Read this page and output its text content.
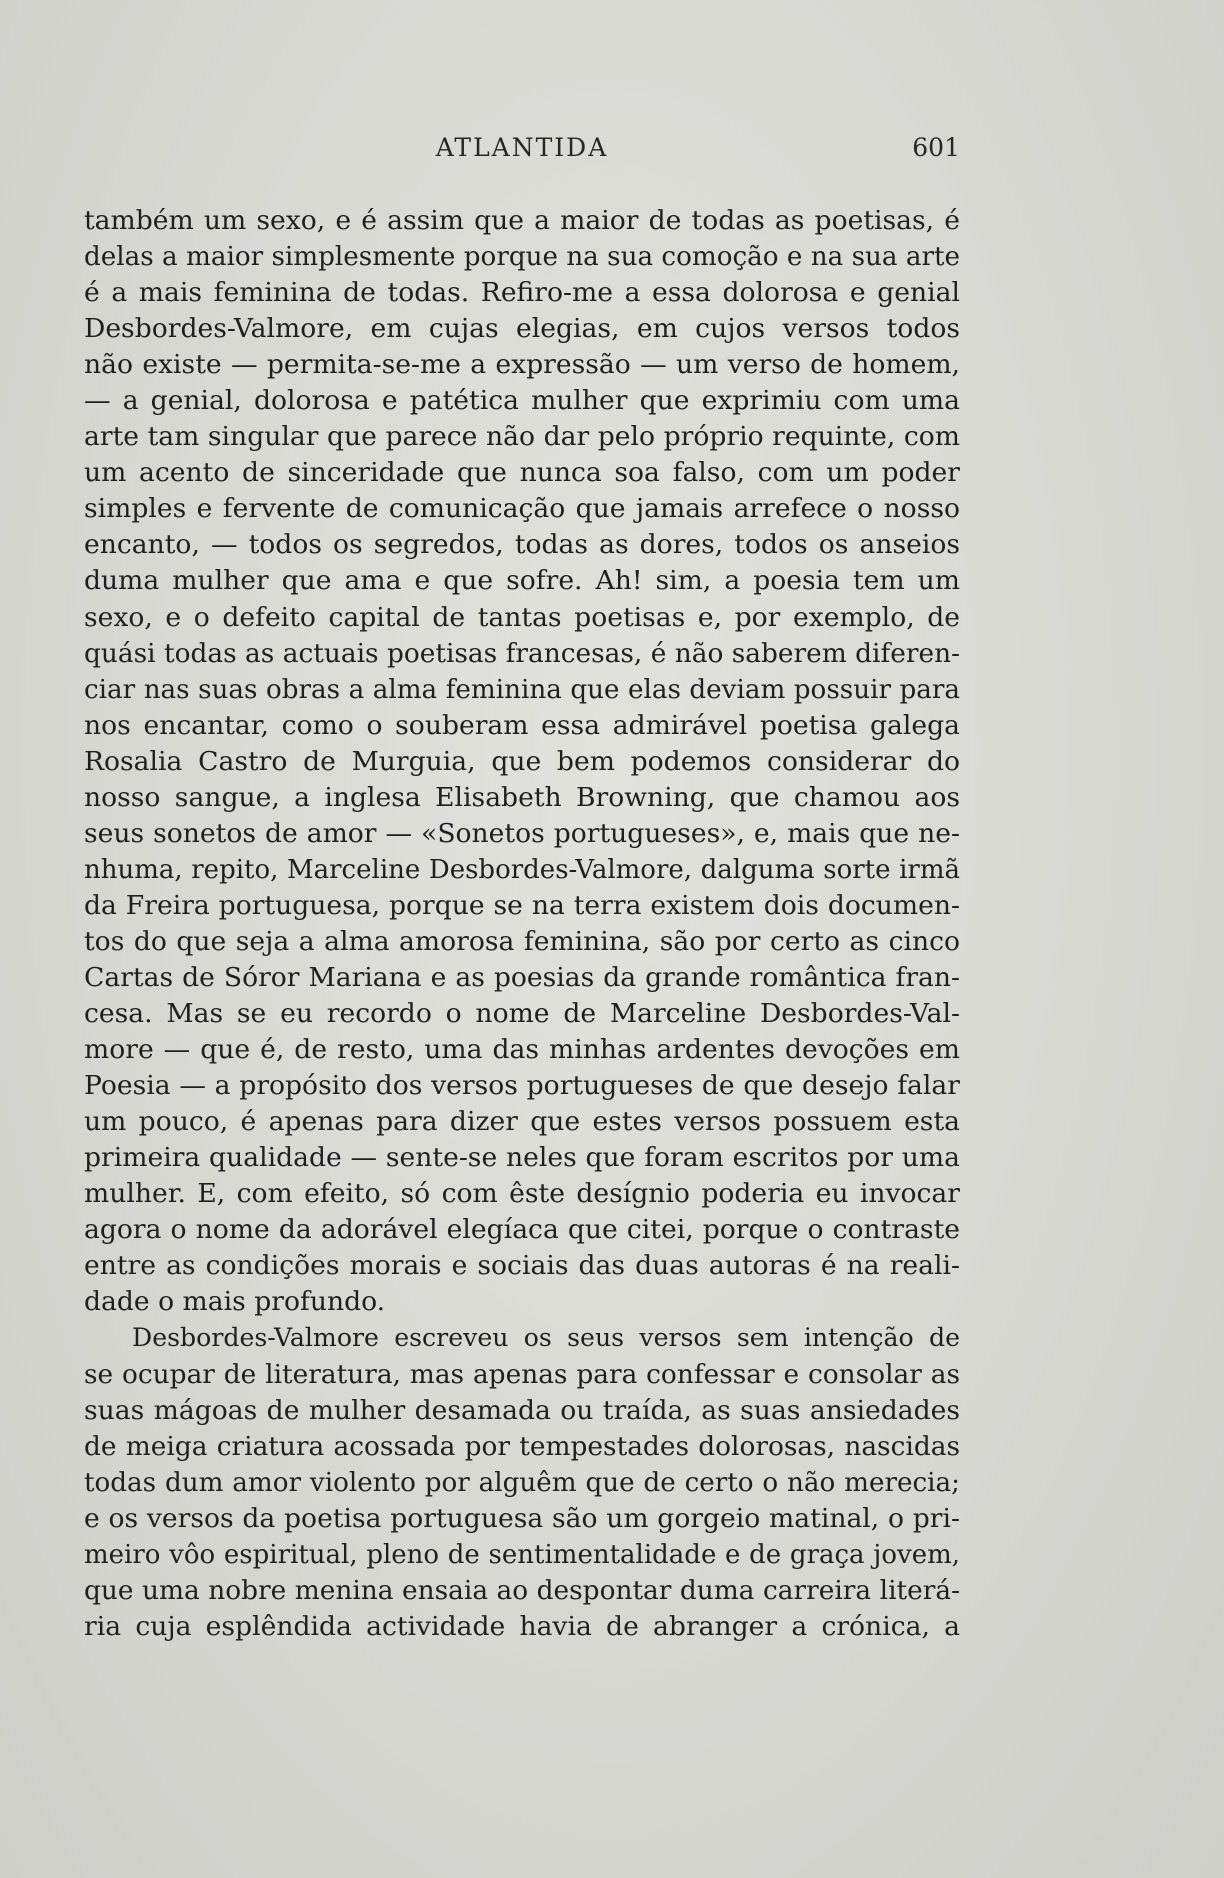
ATLANTIDA	601
também um sexo, e é assim que a maior de todas as poetisas, é
delas a maior simplesmente porque na sua comoção e na sua arte
é a mais feminina de todas. Refiro-me a essa dolorosa e genial
Desbordes-Valmore, em cujas elegias, em cujos versos todos
não existe — permita-se-me a expressão — um verso de homem,
— a genial, dolorosa e patética mulher que exprimiu com uma
arte tam singular que parece não dar pelo próprio requinte, com
um acento de sinceridade que nunca soa falso, com um poder
simples e fervente de comunicação que jamais arrefece o nosso
encanto, — todos os segredos, todas as dores, todos os anseios
duma mulher que ama e que sofre. Ah! sim, a poesia tem um
sexo, e o defeito capital de tantas poetisas e, por exemplo, de
quási todas as actuais poetisas francesas, é não saberem diferen-
ciar nas suas obras a alma feminina que elas deviam possuir para
nos encantar, como o souberam essa admirável poetisa galega
Rosalia Castro de Murguia, que bem podemos considerar do
nosso sangue, a inglesa Elisabeth Browning, que chamou aos
seus sonetos de amor — «Sonetos portugueses», e, mais que ne-
nhuma, repito, Marceline Desbordes-Valmore, dalguma sorte irmã
da Freira portuguesa, porque se na terra existem dois documen-
tos do que seja a alma amorosa feminina, são por certo as cinco
Cartas de Sóror Mariana e as poesias da grande romântica fran-
cesa. Mas se eu recordo o nome de Marceline Desbordes-Val-
more — que é, de resto, uma das minhas ardentes devoções em
Poesia — a propósito dos versos portugueses de que desejo falar
um pouco, é apenas para dizer que estes versos possuem esta
primeira qualidade — sente-se neles que foram escritos por uma
mulher. E, com efeito, só com êste desígnio poderia eu invocar
agora o nome da adorável elegíaca que citei, porque o contraste
entre as condições morais e sociais das duas autoras é na reali-
dade o mais profundo.
Desbordes-Valmore escreveu os seus versos sem intenção de
se ocupar de literatura, mas apenas para confessar e consolar as
suas mágoas de mulher desamada ou traída, as suas ansiedades
de meiga criatura acossada por tempestades dolorosas, nascidas
todas dum amor violento por alguêm que de certo o não merecia;
e os versos da poetisa portuguesa são um gorgeio matinal, o pri-
meiro vôo espiritual, pleno de sentimentalidade e de graça jovem,
que uma nobre menina ensaia ao despontar duma carreira literá-
ria cuja esplêndida actividade havia de abranger a crónica, a
